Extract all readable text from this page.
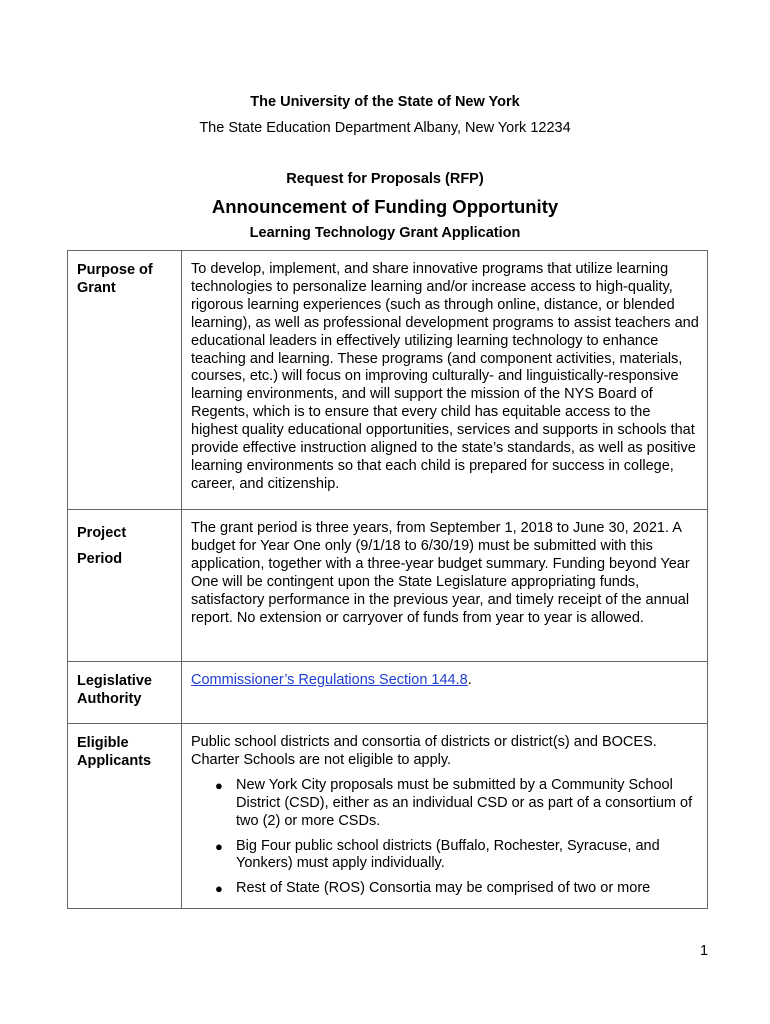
The University of the State of New York
The State Education Department Albany, New York 12234
Request for Proposals (RFP)
Announcement of Funding Opportunity
Learning Technology Grant Application
Purpose of
Grant
To develop, implement, and share innovative programs that utilize learning technologies to personalize learning and/or increase access to high-quality, rigorous learning experiences (such as through online, distance, or blended learning), as well as professional development programs to assist teachers and educational leaders in effectively utilizing learning technology to enhance teaching and learning. These programs (and component activities, materials, courses, etc.) will focus on improving culturally- and linguistically-responsive learning environments, and will support the mission of the NYS Board of Regents, which is to ensure that every child has equitable access to the highest quality educational opportunities, services and supports in schools that provide effective instruction aligned to the state’s standards, as well as positive learning environments so that each child is prepared for success in college, career, and citizenship.
Project
Period
The grant period is three years, from September 1, 2018 to June 30, 2021. A budget for Year One only (9/1/18 to 6/30/19) must be submitted with this application, together with a three-year budget summary. Funding beyond Year One will be contingent upon the State Legislature appropriating funds, satisfactory performance in the previous year, and timely receipt of the annual report. No extension or carryover of funds from year to year is allowed.
Legislative
Authority
Commissioner’s Regulations Section 144.8.
Eligible
Applicants
Public school districts and consortia of districts or district(s) and BOCES. Charter Schools are not eligible to apply.
● New York City proposals must be submitted by a Community School District (CSD), either as an individual CSD or as part of a consortium of two (2) or more CSDs.
● Big Four public school districts (Buffalo, Rochester, Syracuse, and Yonkers) must apply individually.
● Rest of State (ROS) Consortia may be comprised of two or more
1
